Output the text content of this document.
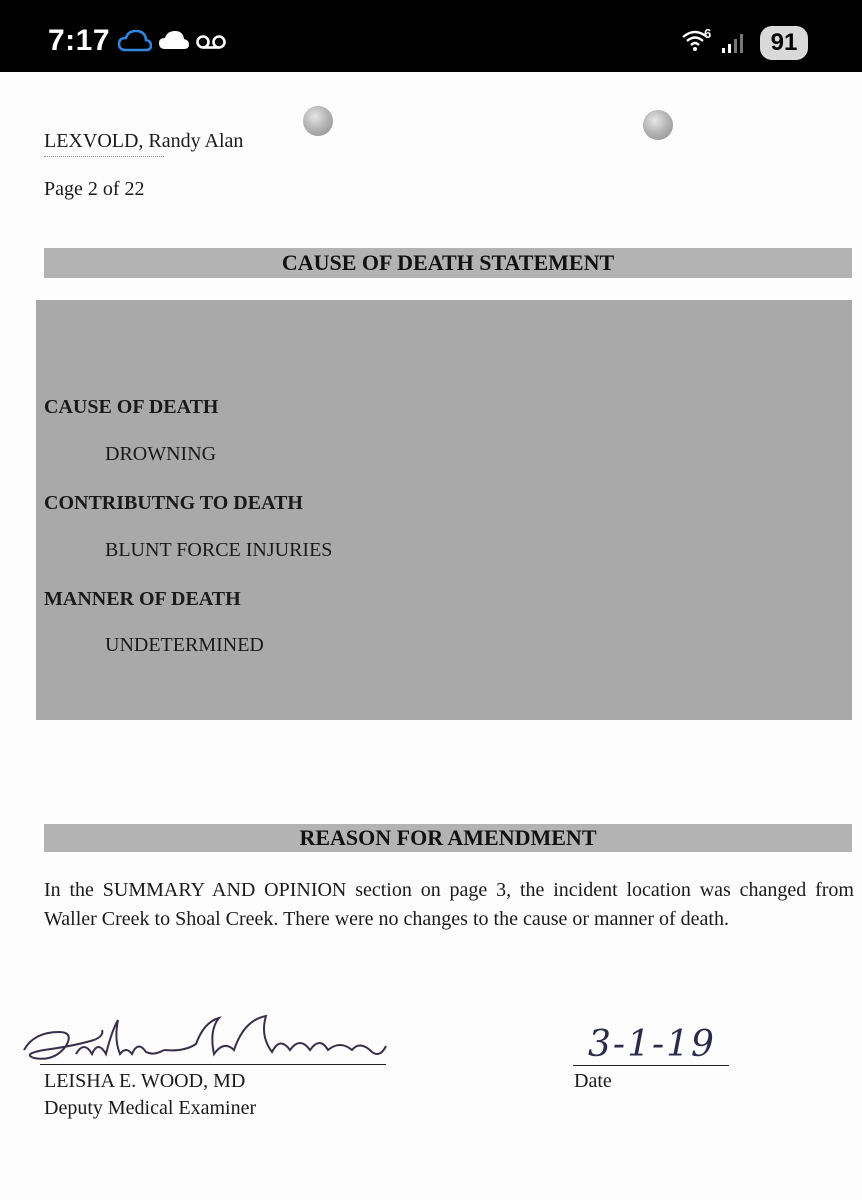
7:17	6	91
LEXVOLD, Randy Alan
Page 2 of 22
CAUSE OF DEATH STATEMENT
CAUSE OF DEATH
DROWNING
CONTRIBUTNG TO DEATH
BLUNT FORCE INJURIES
MANNER OF DEATH
UNDETERMINED
REASON FOR AMENDMENT
In the SUMMARY AND OPINION section on page 3, the incident location was changed from Waller Creek to Shoal Creek. There were no changes to the cause or manner of death.
LEISHA E. WOOD, MD
Deputy Medical Examiner
3-1-19
Date
